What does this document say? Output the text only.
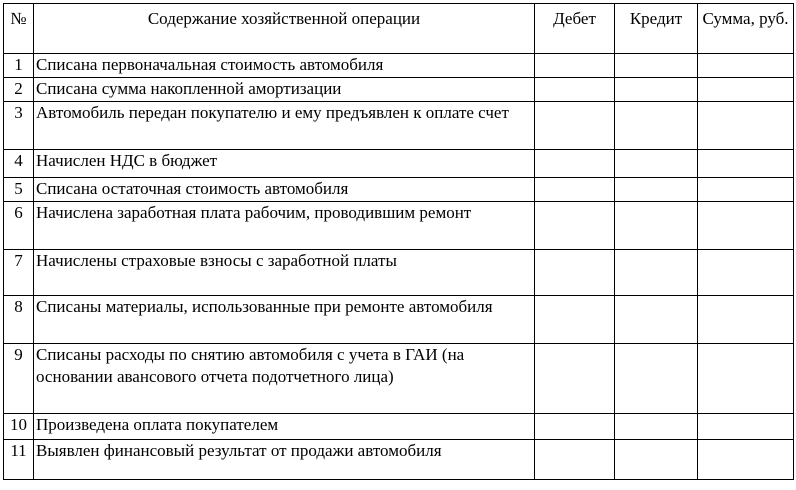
№	Содержание хозяйственной операции	Дебет	Кредит	Сумма, руб.
1	Списана первоначальная стоимость автомобиля			
2	Списана сумма накопленной амортизации			
3	Автомобиль передан покупателю и ему предъявлен к оплате счет			
4	Начислен НДС в бюджет			
5	Списана остаточная стоимость автомобиля			
6	Начислена заработная плата рабочим, проводившим ремонт			
7	Начислены страховые взносы с заработной платы			
8	Списаны материалы, использованные при ремонте автомобиля			
9	Списаны расходы по снятию автомобиля с учета в ГАИ (на основании авансового отчета подотчетного лица)			
10	Произведена оплата покупателем			
11	Выявлен финансовый результат от продажи автомобиля			
